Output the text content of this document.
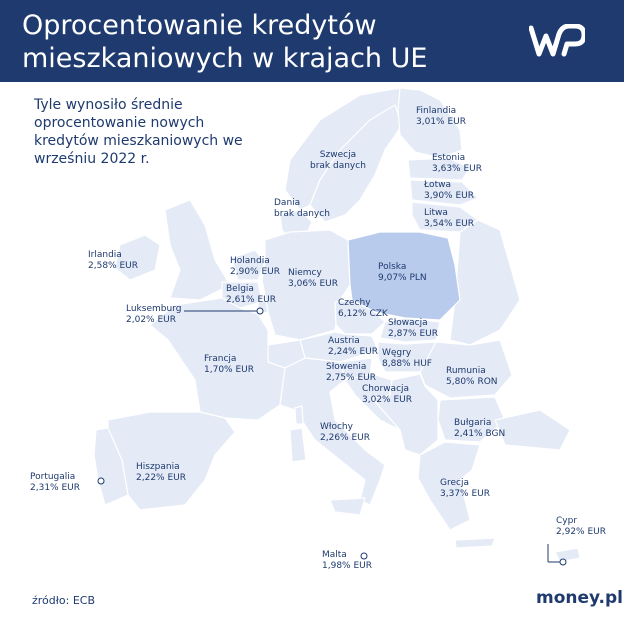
Oprocentowanie kredytów mieszkaniowych w krajach UE
Tyle wynosiło średnie oprocentowanie nowych kredytów mieszkaniowych we wrześniu 2022 r.
Finlandia
3,01% EUR
Szwecja
brak danych
Estonia
3,63% EUR
Łotwa
3,90% EUR
Litwa
3,54% EUR
Dania
brak danych
Irlandia
2,58% EUR	Holandia
2,90% EUR Niemcy
3,06% EUR
Polska
9,07% PLN
Belgia
2,61% EUR
Luksemburg
2,02% EUR
Czechy
6,12% CZK
Słowacja
2,87% EUR
Austria
2,24% EUR Węgry
8,88% HUF
Francja
1,70% EUR	Słowenia
2,75% EUR
Rumunia
5,80% RON
Chorwacja
3,02% EUR
Bułgaria
2,41% BGN
Włochy
2,26% EUR
Portugalia
2,31% EUR
Hiszpania
2,22% EUR	Grecja
3,37% EUR
Cypr
2,92% EUR
Malta
1,98% EUR
źródło: ECB	money.pl
